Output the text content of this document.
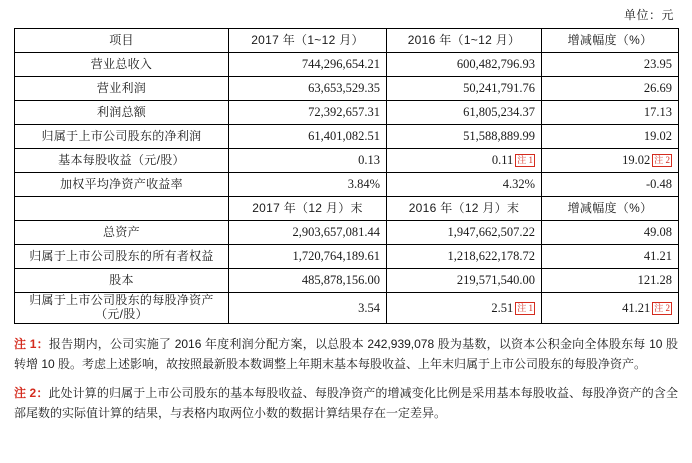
单位：元
项目	2017 年（1~12 月）	2016 年（1~12 月）	增减幅度（%）
营业总收入	744,296,654.21	600,482,796.93	23.95
营业利润	63,653,529.35	50,241,791.76	26.69
利润总额	72,392,657.31	61,805,234.37	17.13
归属于上市公司股东的净利润	61,401,082.51	51,588,889.99	19.02
基本每股收益（元/股）	0.13	0.11 注 1	19.02 注 2
加权平均净资产收益率	3.84%	4.32%	-0.48
	2017 年（12 月）末	2016 年（12 月）末	增减幅度（%）
总资产	2,903,657,081.44	1,947,662,507.22	49.08
归属于上市公司股东的所有者权益	1,720,764,189.61	1,218,622,178.72	41.21
股本	485,878,156.00	219,571,540.00	121.28
归属于上市公司股东的每股净资产（元/股）	3.54	2.51 注 1	41.21 注 2
注 1：报告期内，公司实施了 2016 年度利润分配方案，以总股本 242,939,078 股为基数，以资本公积金向全体股东每 10 股转增 10 股。考虑上述影响，故按照最新股本数调整上年期末基本每股收益、上年末归属于上市公司股东的每股净资产。
注 2：此处计算的归属于上市公司股东的基本每股收益、每股净资产的增减变化比例是采用基本每股收益、每股净资产的含全部尾数的实际值计算的结果，与表格内取两位小数的数据计算结果存在一定差异。
